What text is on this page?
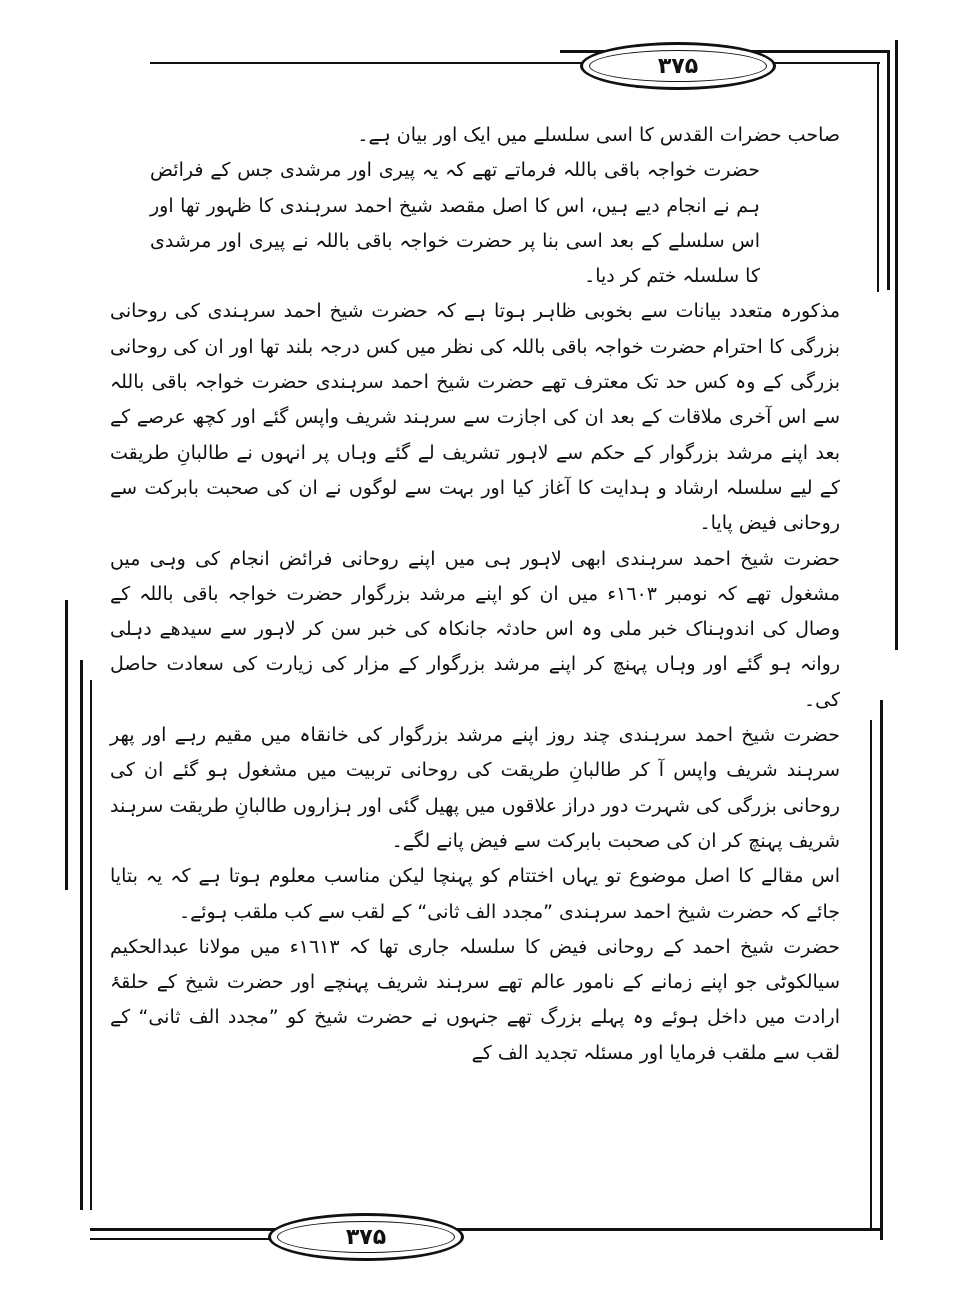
٣٧۵
٣٧۵

صاحب حضرات القدس کا اسی سلسلے میں ایک اور بیان ہے۔

حضرت خواجہ باقی باللہ فرماتے تھے کہ یہ پیری اور مرشدی جس کے فرائض ہم نے انجام دیے ہیں، اس کا اصل مقصد شیخ احمد سرہندی کا ظہور تھا اور اس سلسلے کے بعد اسی بنا پر حضرت خواجہ باقی باللہ نے پیری اور مرشدی کا سلسلہ ختم کر دیا۔

مذکورہ متعدد بیانات سے بخوبی ظاہر ہوتا ہے کہ حضرت شیخ احمد سرہندی کی روحانی بزرگی کا احترام حضرت خواجہ باقی باللہ کی نظر میں کس درجہ بلند تھا اور ان کی روحانی بزرگی کے وہ کس حد تک معترف تھے حضرت شیخ احمد سرہندی حضرت خواجہ باقی باللہ سے اس آخری ملاقات کے بعد ان کی اجازت سے سرہند شریف واپس گئے اور کچھ عرصے کے بعد اپنے مرشد بزرگوار کے حکم سے لاہور تشریف لے گئے وہاں پر انہوں نے طالبانِ طریقت کے لیے سلسلہ ارشاد و ہدایت کا آغاز کیا اور بہت سے لوگوں نے ان کی صحبت بابرکت سے روحانی فیض پایا۔

حضرت شیخ احمد سرہندی ابھی لاہور ہی میں اپنے روحانی فرائض انجام کی وہی میں مشغول تھے کہ نومبر ١٦٠٣ء میں ان کو اپنے مرشد بزرگوار حضرت خواجہ باقی باللہ کے وصال کی اندوہناک خبر ملی وہ اس حادثہ جانکاہ کی خبر سن کر لاہور سے سیدھے دہلی روانہ ہو گئے اور وہاں پہنچ کر اپنے مرشد بزرگوار کے مزار کی زیارت کی سعادت حاصل کی۔

حضرت شیخ احمد سرہندی چند روز اپنے مرشد بزرگوار کی خانقاہ میں مقیم رہے اور پھر سرہند شریف واپس آ کر طالبانِ طریقت کی روحانی تربیت میں مشغول ہو گئے ان کی روحانی بزرگی کی شہرت دور دراز علاقوں میں پھیل گئی اور ہزاروں طالبانِ طریقت سرہند شریف پہنچ کر ان کی صحبت بابرکت سے فیض پانے لگے۔

اس مقالے کا اصل موضوع تو یہاں اختتام کو پہنچا لیکن مناسب معلوم ہوتا ہے کہ یہ بتایا جائے کہ حضرت شیخ احمد سرہندی ”مجدد الف ثانی“ کے لقب سے کب ملقب ہوئے۔

حضرت شیخ احمد کے روحانی فیض کا سلسلہ جاری تھا کہ ١٦١٣ء میں مولانا عبدالحکیم سیالکوٹی جو اپنے زمانے کے نامور عالم تھے سرہند شریف پہنچے اور حضرت شیخ کے حلقۂ ارادت میں داخل ہوئے وہ پہلے بزرگ تھے جنہوں نے حضرت شیخ کو ”مجدد الف ثانی“ کے لقب سے ملقب فرمایا اور مسئلہ تجدید الف کے
